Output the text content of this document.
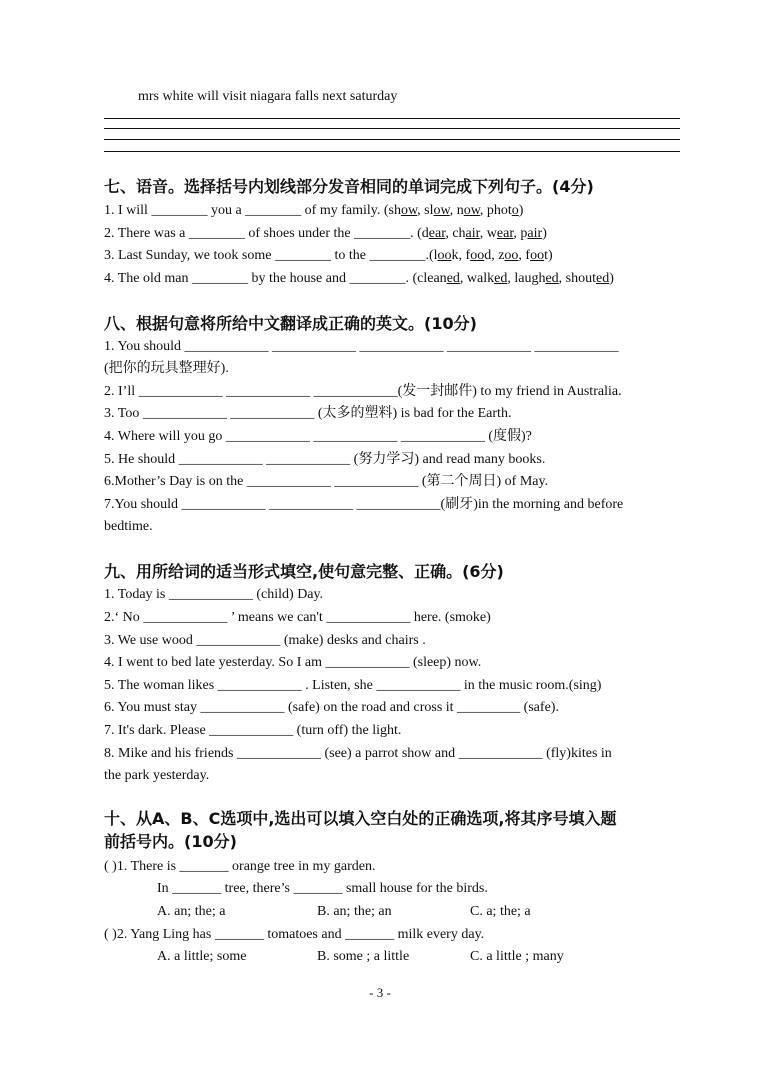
mrs white will visit niagara falls next saturday
七、语音。选择括号内划线部分发音相同的单词完成下列句子。(4分)
1. I will ________ you a ________ of my family. (show, slow, now, photo)
2. There was a ________ of shoes under the ________. (dear, chair, wear, pair)
3. Last Sunday, we took some ________ to the ________.(look, food, zoo, foot)
4. The old man ________ by the house and ________. (cleaned, walked, laughed, shouted)
八、根据句意将所给中文翻译成正确的英文。(10分)
1. You should ____________ ____________ ____________ ____________ ____________
(把你的玩具整理好).
2. I’ll ____________ ____________ ____________(发一封邮件) to my friend in Australia.
3. Too ____________ ____________ (太多的塑料) is bad for the Earth.
4. Where will you go ____________ ____________ ____________ (度假)?
5. He should ____________ ____________ (努力学习) and read many books.
6.Mother’s Day is on the ____________ ____________ (第二个周日) of May.
7.You should ____________ ____________ ____________(刷牙)in the morning and before
bedtime.
九、用所给词的适当形式填空,使句意完整、正确。(6分)
1. Today is ____________ (child) Day.
2.‘ No ____________ ’ means we can't ____________ here. (smoke)
3. We use wood ____________ (make) desks and chairs .
4. I went to bed late yesterday. So I am ____________ (sleep) now.
5. The woman likes ____________ . Listen, she ____________ in the music room.(sing)
6. You must stay ____________ (safe) on the road and cross it _________ (safe).
7. It's dark. Please ____________ (turn off) the light.
8. Mike and his friends ____________ (see) a parrot show and ____________ (fly)kites in
the park yesterday.
十、从A、B、C选项中,选出可以填入空白处的正确选项,将其序号填入题
前括号内。(10分)
( )1. There is _______ orange tree in my garden.
In _______ tree, there’s _______ small house for the birds.
A. an; the; a	B. an; the; an	C. a; the; a
( )2. Yang Ling has _______ tomatoes and _______ milk every day.
A. a little; some	B. some ; a little	C. a little ; many
- 3 -
